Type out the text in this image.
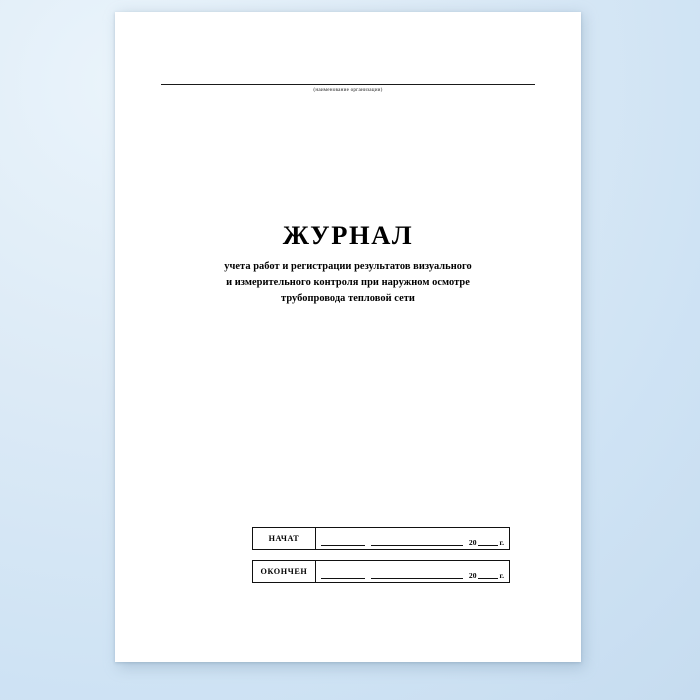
(наименование организации)
ЖУРНАЛ
учета работ и регистрации результатов визуального
и измерительного контроля при наружном осмотре
трубопровода тепловой сети
НАЧАТ	20	г.
ОКОНЧЕН	20	г.
